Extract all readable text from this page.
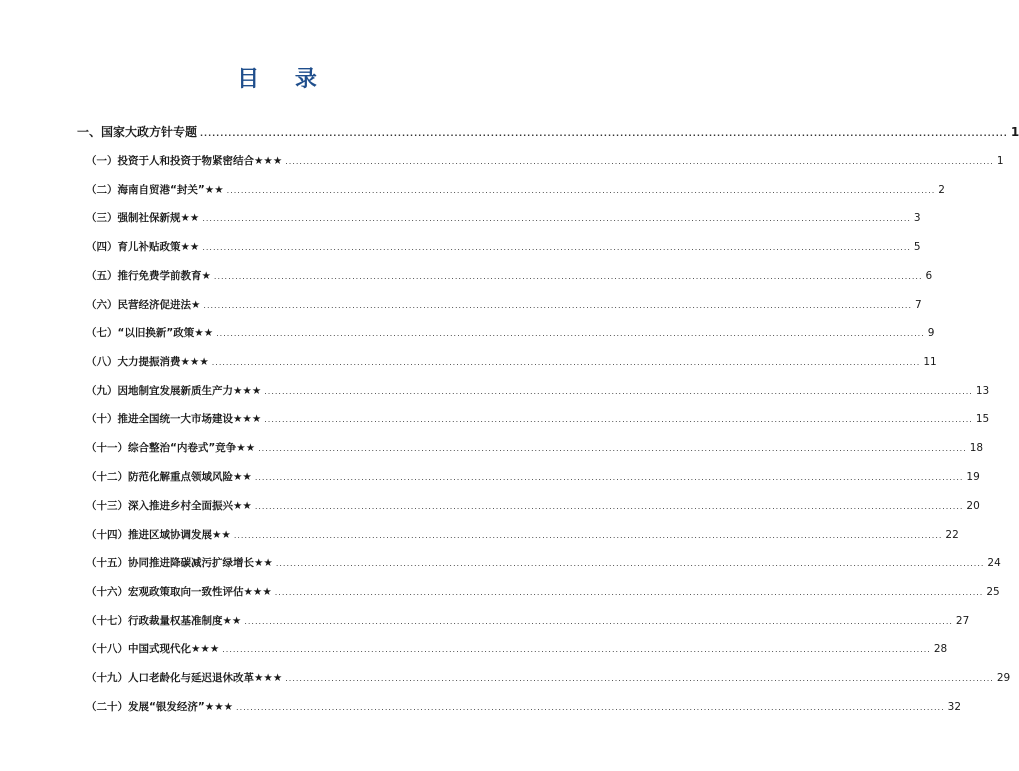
目 录
一、国家大政方针专题 ........................................................................................................................................................................................................ 1
（一）投资于人和投资于物紧密结合★★★ ........................................................................................................................................................................................................ 1
（二）海南自贸港“封关”★★ ........................................................................................................................................................................................................ 2
（三）强制社保新规★★ ........................................................................................................................................................................................................ 3
（四）育儿补贴政策★★ ........................................................................................................................................................................................................ 5
（五）推行免费学前教育★ ........................................................................................................................................................................................................ 6
（六）民营经济促进法★ ........................................................................................................................................................................................................ 7
（七）“以旧换新”政策★★ ........................................................................................................................................................................................................ 9
（八）大力提振消费★★★ ........................................................................................................................................................................................................ 11
（九）因地制宜发展新质生产力★★★ ........................................................................................................................................................................................................ 13
（十）推进全国统一大市场建设★★★ ........................................................................................................................................................................................................ 15
（十一）综合整治“内卷式”竞争★★ ........................................................................................................................................................................................................ 18
（十二）防范化解重点领域风险★★ ........................................................................................................................................................................................................ 19
（十三）深入推进乡村全面振兴★★ ........................................................................................................................................................................................................ 20
（十四）推进区域协调发展★★ ........................................................................................................................................................................................................ 22
（十五）协同推进降碳减污扩绿增长★★ ........................................................................................................................................................................................................ 24
（十六）宏观政策取向一致性评估★★★ ........................................................................................................................................................................................................ 25
（十七）行政裁量权基准制度★★ ........................................................................................................................................................................................................ 27
（十八）中国式现代化★★★ ........................................................................................................................................................................................................ 28
（十九）人口老龄化与延迟退休改革★★★ ........................................................................................................................................................................................................ 29
（二十）发展“银发经济”★★★ ........................................................................................................................................................................................................ 32
